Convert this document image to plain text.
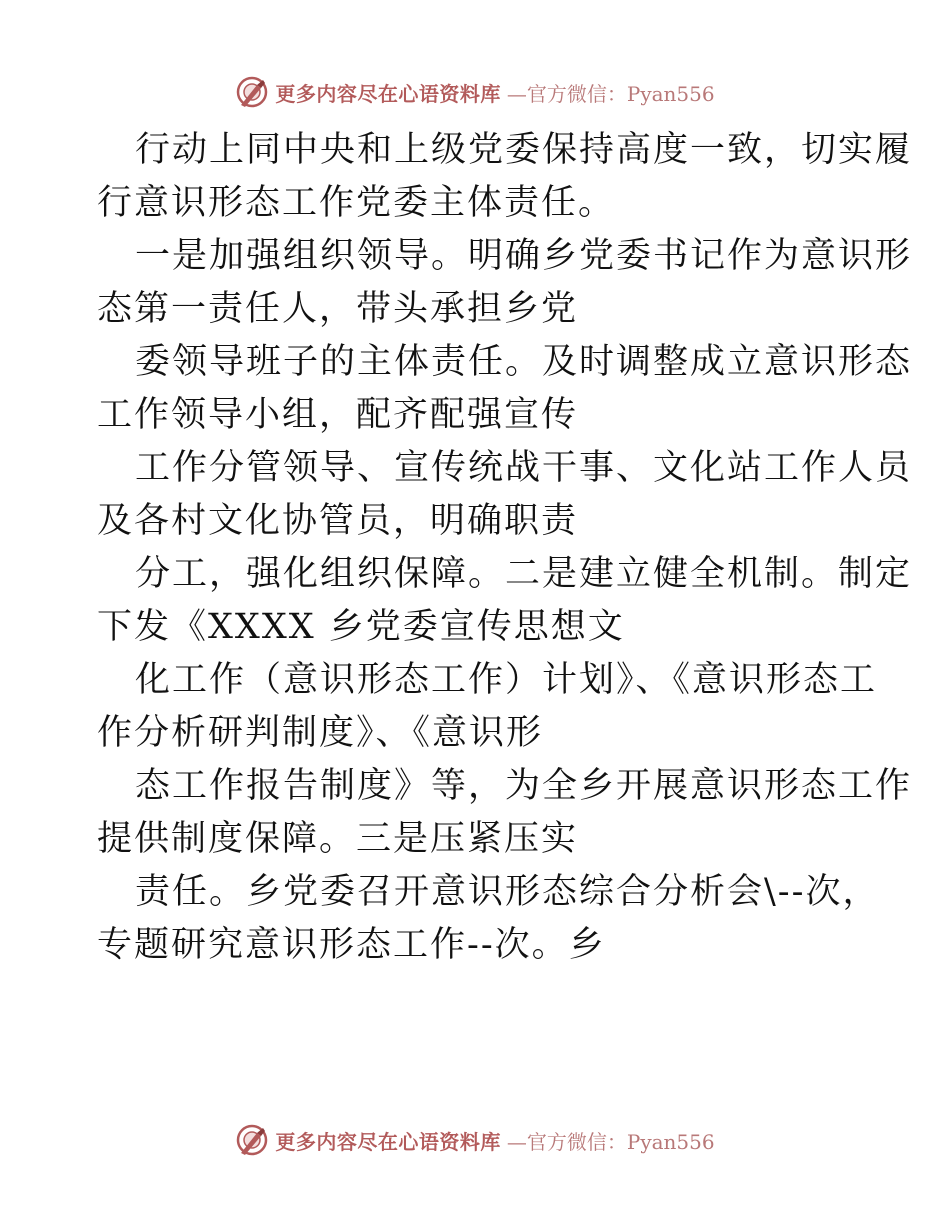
更多内容尽在心语资料库 —官方微信：Pyan556
行动上同中央和上级党委保持高度一致，切实履
行意识形态工作党委主体责任。
一是加强组织领导。明确乡党委书记作为意识形
态第一责任人，带头承担乡党
委领导班子的主体责任。及时调整成立意识形态
工作领导小组，配齐配强宣传
工作分管领导、宣传统战干事、文化站工作人员
及各村文化协管员，明确职责
分工，强化组织保障。二是建立健全机制。制定
下发《XXXX 乡党委宣传思想文
化工作（意识形态工作）计划》、《意识形态工
作分析研判制度》、《意识形
态工作报告制度》等，为全乡开展意识形态工作
提供制度保障。三是压紧压实
责任。乡党委召开意识形态综合分析会\--次，
专题研究意识形态工作--次。乡
更多内容尽在心语资料库 —官方微信：Pyan556
